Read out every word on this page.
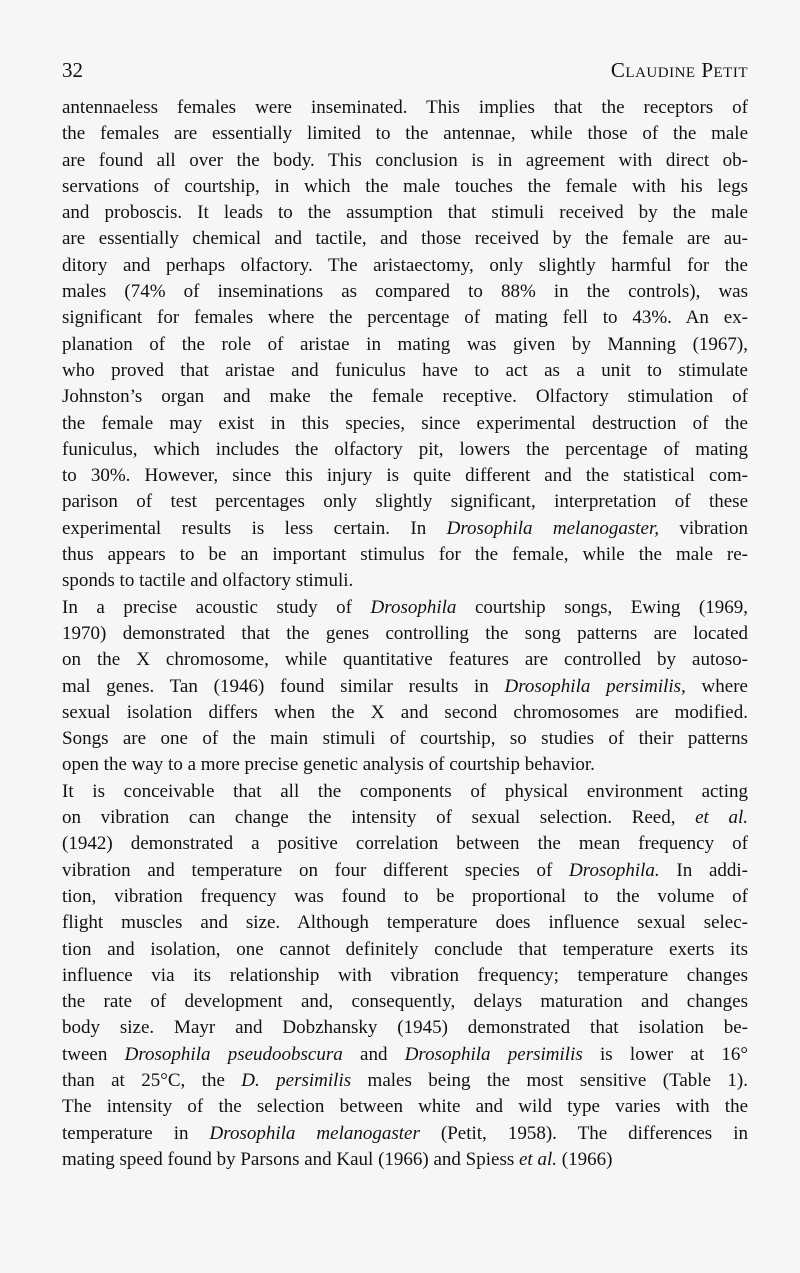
32	Claudine Petit

antennaeless females were inseminated. This implies that the receptors of
the females are essentially limited to the antennae, while those of the male
are found all over the body. This conclusion is in agreement with direct ob-
servations of courtship, in which the male touches the female with his legs
and proboscis. It leads to the assumption that stimuli received by the male
are essentially chemical and tactile, and those received by the female are au-
ditory and perhaps olfactory. The aristaectomy, only slightly harmful for the
males (74% of inseminations as compared to 88% in the controls), was
significant for females where the percentage of mating fell to 43%. An ex-
planation of the role of aristae in mating was given by Manning (1967),
who proved that aristae and funiculus have to act as a unit to stimulate
Johnston’s organ and make the female receptive. Olfactory stimulation of
the female may exist in this species, since experimental destruction of the
funiculus, which includes the olfactory pit, lowers the percentage of mating
to 30%. However, since this injury is quite different and the statistical com-
parison of test percentages only slightly significant, interpretation of these
experimental results is less certain. In Drosophila melanogaster, vibration
thus appears to be an important stimulus for the female, while the male re-
sponds to tactile and olfactory stimuli.

In a precise acoustic study of Drosophila courtship songs, Ewing (1969,
1970) demonstrated that the genes controlling the song patterns are located
on the X chromosome, while quantitative features are controlled by autoso-
mal genes. Tan (1946) found similar results in Drosophila persimilis, where
sexual isolation differs when the X and second chromosomes are modified.
Songs are one of the main stimuli of courtship, so studies of their patterns
open the way to a more precise genetic analysis of courtship behavior.

It is conceivable that all the components of physical environment acting
on vibration can change the intensity of sexual selection. Reed, et al.
(1942) demonstrated a positive correlation between the mean frequency of
vibration and temperature on four different species of Drosophila. In addi-
tion, vibration frequency was found to be proportional to the volume of
flight muscles and size. Although temperature does influence sexual selec-
tion and isolation, one cannot definitely conclude that temperature exerts its
influence via its relationship with vibration frequency; temperature changes
the rate of development and, consequently, delays maturation and changes
body size. Mayr and Dobzhansky (1945) demonstrated that isolation be-
tween Drosophila pseudoobscura and Drosophila persimilis is lower at 16°
than at 25°C, the D. persimilis males being the most sensitive (Table 1).
The intensity of the selection between white and wild type varies with the
temperature in Drosophila melanogaster (Petit, 1958). The differences in
mating speed found by Parsons and Kaul (1966) and Spiess et al. (1966)
